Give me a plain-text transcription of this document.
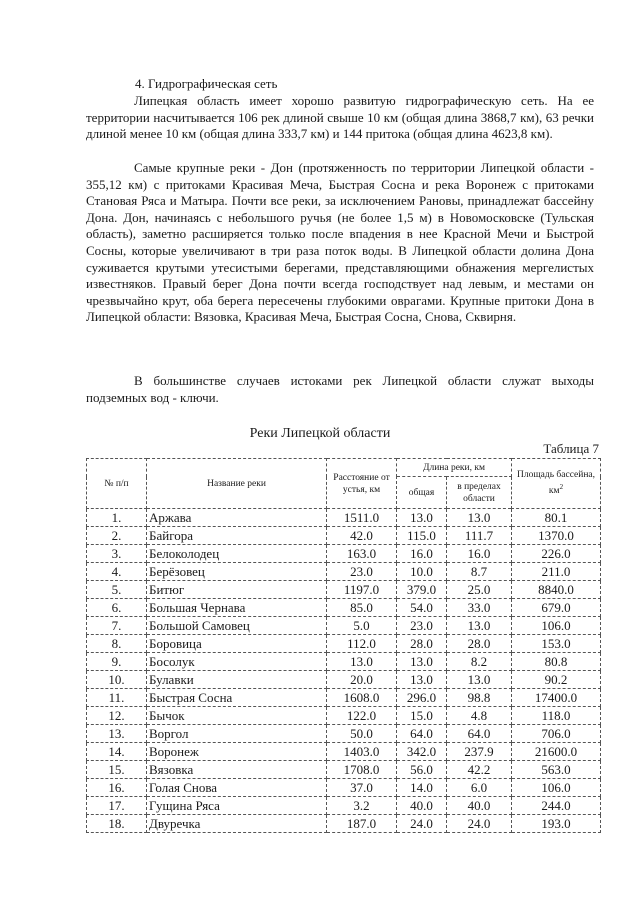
4. Гидрографическая сеть

Липецкая область имеет хорошо развитую гидрографическую сеть. На ее территории насчитывается 106 рек длиной свыше 10 км (общая длина 3868,7 км), 63 речки длиной менее 10 км (общая длина 333,7 км) и 144 притока (общая длина 4623,8 км).

Самые крупные реки - Дон (протяженность по территории Липецкой области - 355,12 км) с притоками Красивая Меча, Быстрая Сосна и река Воронеж с притоками Становая Ряса и Матыра. Почти все реки, за исключением Рановы, принадлежат бассейну Дона. Дон, начинаясь с небольшого ручья (не более 1,5 м) в Новомосковске (Тульская область), заметно расширяется только после впадения в нее Красной Мечи и Быстрой Сосны, которые увеличивают в три раза поток воды. В Липецкой области долина Дона суживается крутыми утесистыми берегами, представляющими обнажения мергелистых известняков. Правый берег Дона почти всегда господствует над левым, и местами он чрезвычайно крут, оба берега пересечены глубокими оврагами. Крупные притоки Дона в Липецкой области: Вязовка, Красивая Меча, Быстрая Сосна, Снова, Сквирня.

В большинстве случаев истоками рек Липецкой области служат выходы подземных вод - ключи.

Реки Липецкой области
Таблица 7
№ п/п	Название реки	Расстояние от устья, км	Длина реки, км		Площадь бассейна, $км^2$
			общая	в пределах области	
1.	Аржава	1511.0	13.0	13.0	80.1
2.	Байгора	42.0	115.0	111.7	1370.0
3.	Белоколодец	163.0	16.0	16.0	226.0
4.	Берёзовец	23.0	10.0	8.7	211.0
5.	Битюг	1197.0	379.0	25.0	8840.0
6.	Большая Чернава	85.0	54.0	33.0	679.0
7.	Большой Самовец	5.0	23.0	13.0	106.0
8.	Боровица	112.0	28.0	28.0	153.0
9.	Босолук	13.0	13.0	8.2	80.8
10.	Булавки	20.0	13.0	13.0	90.2
11.	Быстрая Сосна	1608.0	296.0	98.8	17400.0
12.	Бычок	122.0	15.0	4.8	118.0
13.	Воргол	50.0	64.0	64.0	706.0
14.	Воронеж	1403.0	342.0	237.9	21600.0
15.	Вязовка	1708.0	56.0	42.2	563.0
16.	Голая Снова	37.0	14.0	6.0	106.0
17.	Гущина Ряса	3.2	40.0	40.0	244.0
18.	Двуречка	187.0	24.0	24.0	193.0
